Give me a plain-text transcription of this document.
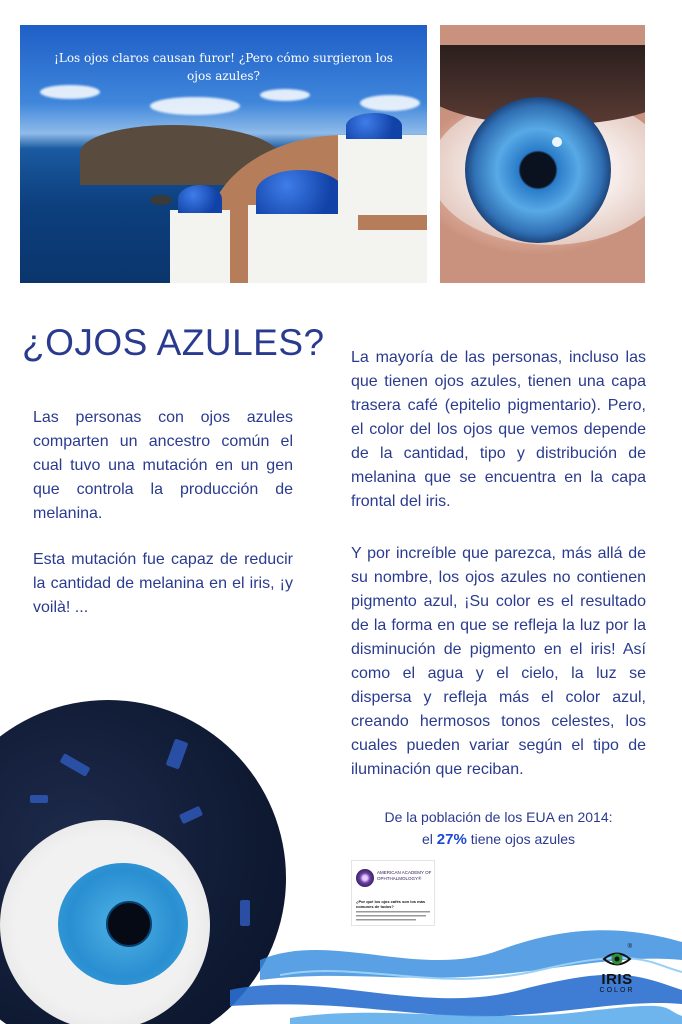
¡Los ojos claros causan furor! ¿Pero cómo surgieron los ojos azules?
¿OJOS AZULES?

Las personas con ojos azules comparten un ancestro común el cual tuvo una mutación en un gen que controla la producción de melanina.

Esta mutación fue capaz de reducir la cantidad de melanina en el iris, ¡y voilà! ...

La mayoría de las personas, incluso las que tienen ojos azules, tienen una capa trasera café (epitelio pigmentario). Pero, el color del los ojos que vemos depende de la cantidad, tipo y distribución de melanina que se encuentra en la capa frontal del iris.

Y por increíble que parezca, más allá de su nombre, los ojos azules no contienen pigmento azul, ¡Su color es el resultado de la forma en que se refleja la luz por la disminución de pigmento en el iris! Así como el agua y el cielo, la luz se dispersa y refleja más el color azul, creando hermosos tonos celestes, los cuales pueden variar según el tipo de iluminación que reciban.

De la población de los EUA en 2014:
el 27% tiene ojos azules
AMERICAN ACADEMY OF OPHTHALMOLOGY®
¿Por qué los ojos cafés son los más comunes de todos?
®
IRIS
COLOR
